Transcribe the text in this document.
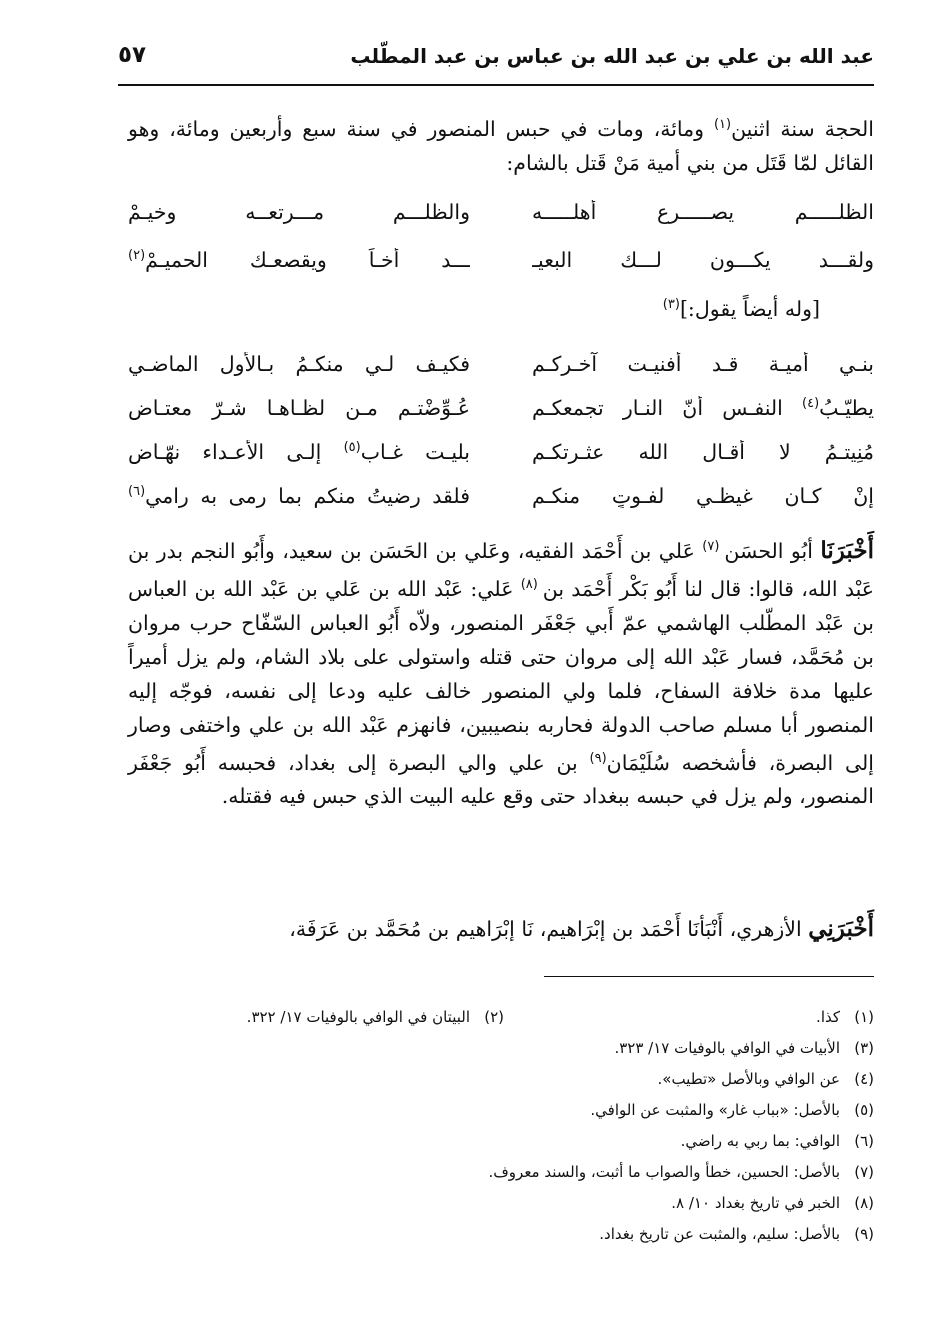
عبد الله بن علي بن عبد الله بن عباس بن عبد المطّلب
٥٧
الحجة سنة اثنين$^{(١)}$ ومائة، ومات في حبس المنصور في سنة سبع وأربعين ومائة، وهو القائل لمّا قَتَل من بني أمية مَنْ قَتل بالشام:
الظلـــــم يصـــــرع أهلـــــه
والظلـــم مـــرتعــه وخيـمْ
ولقـــد يكـــون لـــك البعيـ
ـــد أخـاً ويقصعـك الحميـمْ$^{(٢)}$
[وله أيضاً يقول:]$^{(٣)}$
بنـي أميـة قـد أفنيـت آخـركـم
فكيـف لـي منكـمُ بـالأول الماضـي
يطيّـبُ$^{(٤)}$ النفـس أنّ النـار تجمعكـم
عُـوِّضْتـم مـن لظـاهـا شـرّ معتـاضِ
مُنِيتـمُ لا أقـال الله عثـرتكـم
بليـت غـاب$^{(٥)}$ إلـى الأعـداء نهّـاض
إنْ كـان غيظـي لفـوتٍ منكـم
فلقد رضيتُ منكم بما رمى به رامي$^{(٦)}$
أَخْبَرَنَا أبُو الحسَن $^{(٧)}$ عَلي بن أَحْمَد الفقيه، وعَلي بن الحَسَن بن سعيد، وأَبُو النجم بدر بن عَبْد الله، قالوا: قال لنا أَبُو بَكْر أَحْمَد بن $^{(٨)}$ عَلي: عَبْد الله بن عَلي بن عَبْد الله بن العباس بن عَبْد المطّلب الهاشمي عمّ أَبي جَعْفَر المنصور، ولاّه أَبُو العباس السّفّاح حرب مروان بن مُحَمَّد، فسار عَبْد الله إلى مروان حتى قتله واستولى على بلاد الشام، ولم يزل أميراً عليها مدة خلافة السفاح، فلما ولي المنصور خالف عليه ودعا إلى نفسه، فوجّه إليه المنصور أبا مسلم صاحب الدولة فحاربه بنصيبين، فانهزم عَبْد الله بن علي واختفى وصار إلى البصرة، فأشخصه سُلَيْمَان$^{(٩)}$ بن علي والي البصرة إلى بغداد، فحبسه أَبُو جَعْفَر المنصور، ولم يزل في حبسه ببغداد حتى وقع عليه البيت الذي حبس فيه فقتله.
أَخْبَرَنِي الأزهري، أَنْبَأنَا أَحْمَد بن إبْرَاهيم، نَا إبْرَاهيم بن مُحَمَّد بن عَرَفَة،
(١)كذا.
(٢)البيتان في الوافي بالوفيات ١٧/ ٣٢٢.
(٣)الأبيات في الوافي بالوفيات ١٧/ ٣٢٣.
(٤)عن الوافي وبالأصل «تطيب».
(٥)بالأصل: «بباب غار» والمثبت عن الوافي.
(٦)الوافي: بما ربي به راضي.
(٧)بالأصل: الحسين، خطأ والصواب ما أثبت، والسند معروف.
(٨)الخبر في تاريخ بغداد ١٠/ ٨.
(٩)بالأصل: سليم، والمثبت عن تاريخ بغداد.
